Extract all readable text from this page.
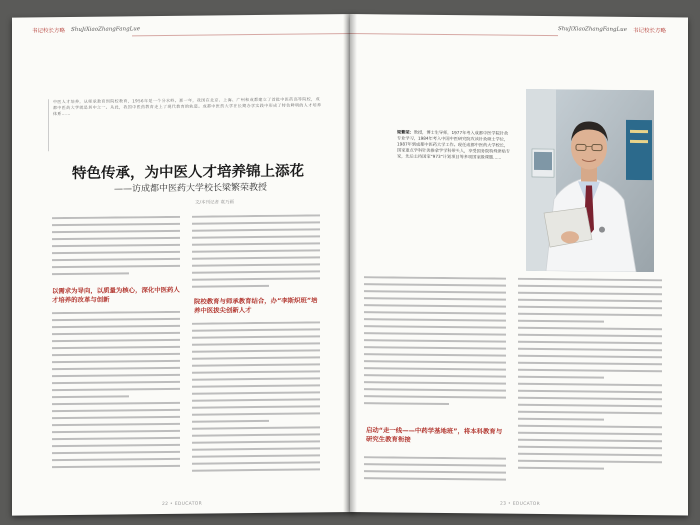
书记校长方略 ShuJiXiaoZhangFangLue
中医人才培养，从师承教育到院校教育，1956年是一个分水岭。那一年，我国在北京、上海、广州和成都建立了首批中医药高等院校，成都中医药大学就是其中之一。从此，我国中医药教育走上了现代教育的轨道。成都中医药大学在长期办学实践中形成了特色鲜明的人才培养体系……
特色传承，为中医人才培养锦上添花
——访成都中医药大学校长梁繁荣教授
文/本刊记者 袁乃画
以需求为导向，以质量为核心，深化中医药人才培养的改革与创新	院校教育与师承教育结合，办“李斯炽班”培养中医拔尖创新人才
22 • EDUCATOR
ShuJiXiaoZhangFangLue 书记校长方略
梁繁荣：教授，博士生导师，1977年考入成都中医学院针灸专业学习，1984年考入中国中医研究院攻读针灸硕士学位，1987年到成都中医药大学工作。现任成都中医药大学校长，国家重点学科针灸推拿学学科带头人，享受国务院特殊津贴专家，先后主持国家“973”计划项目等多项国家级课题……
启动“走一线——中药学基地班”，将本科教育与研究生教育衔接
23 • EDUCATOR
